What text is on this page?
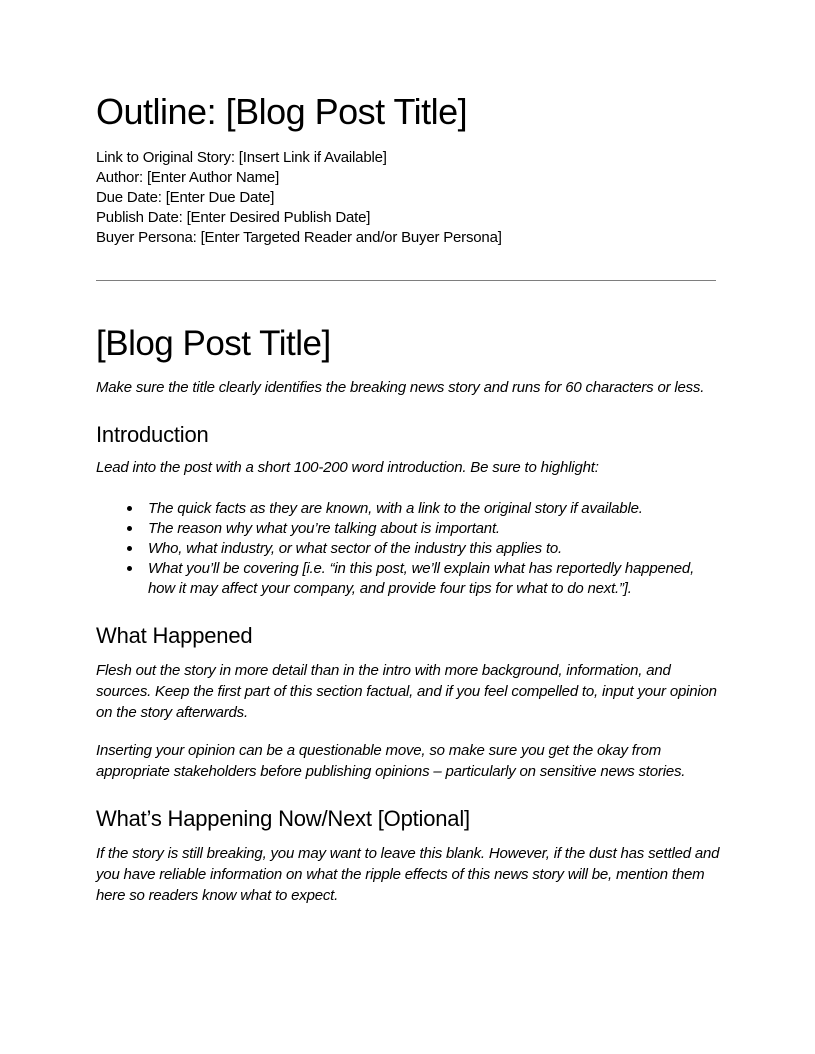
Outline: [Blog Post Title]
Link to Original Story: [Insert Link if Available]
Author: [Enter Author Name]
Due Date: [Enter Due Date]
Publish Date: [Enter Desired Publish Date]
Buyer Persona: [Enter Targeted Reader and/or Buyer Persona]
[Blog Post Title]

Make sure the title clearly identifies the breaking news story and runs for 60 characters or less.

Introduction

Lead into the post with a short 100-200 word introduction. Be sure to highlight:

The quick facts as they are known, with a link to the original story if available.
The reason why what you’re talking about is important.
Who, what industry, or what sector of the industry this applies to.
What you’ll be covering [i.e. “in this post, we’ll explain what has reportedly happened, how it may affect your company, and provide four tips for what to do next.”].
What Happened

Flesh out the story in more detail than in the intro with more background, information, and sources. Keep the first part of this section factual, and if you feel compelled to, input your opinion on the story afterwards.

Inserting your opinion can be a questionable move, so make sure you get the okay from appropriate stakeholders before publishing opinions – particularly on sensitive news stories.

What’s Happening Now/Next [Optional]

If the story is still breaking, you may want to leave this blank. However, if the dust has settled and you have reliable information on what the ripple effects of this news story will be, mention them here so readers know what to expect.
